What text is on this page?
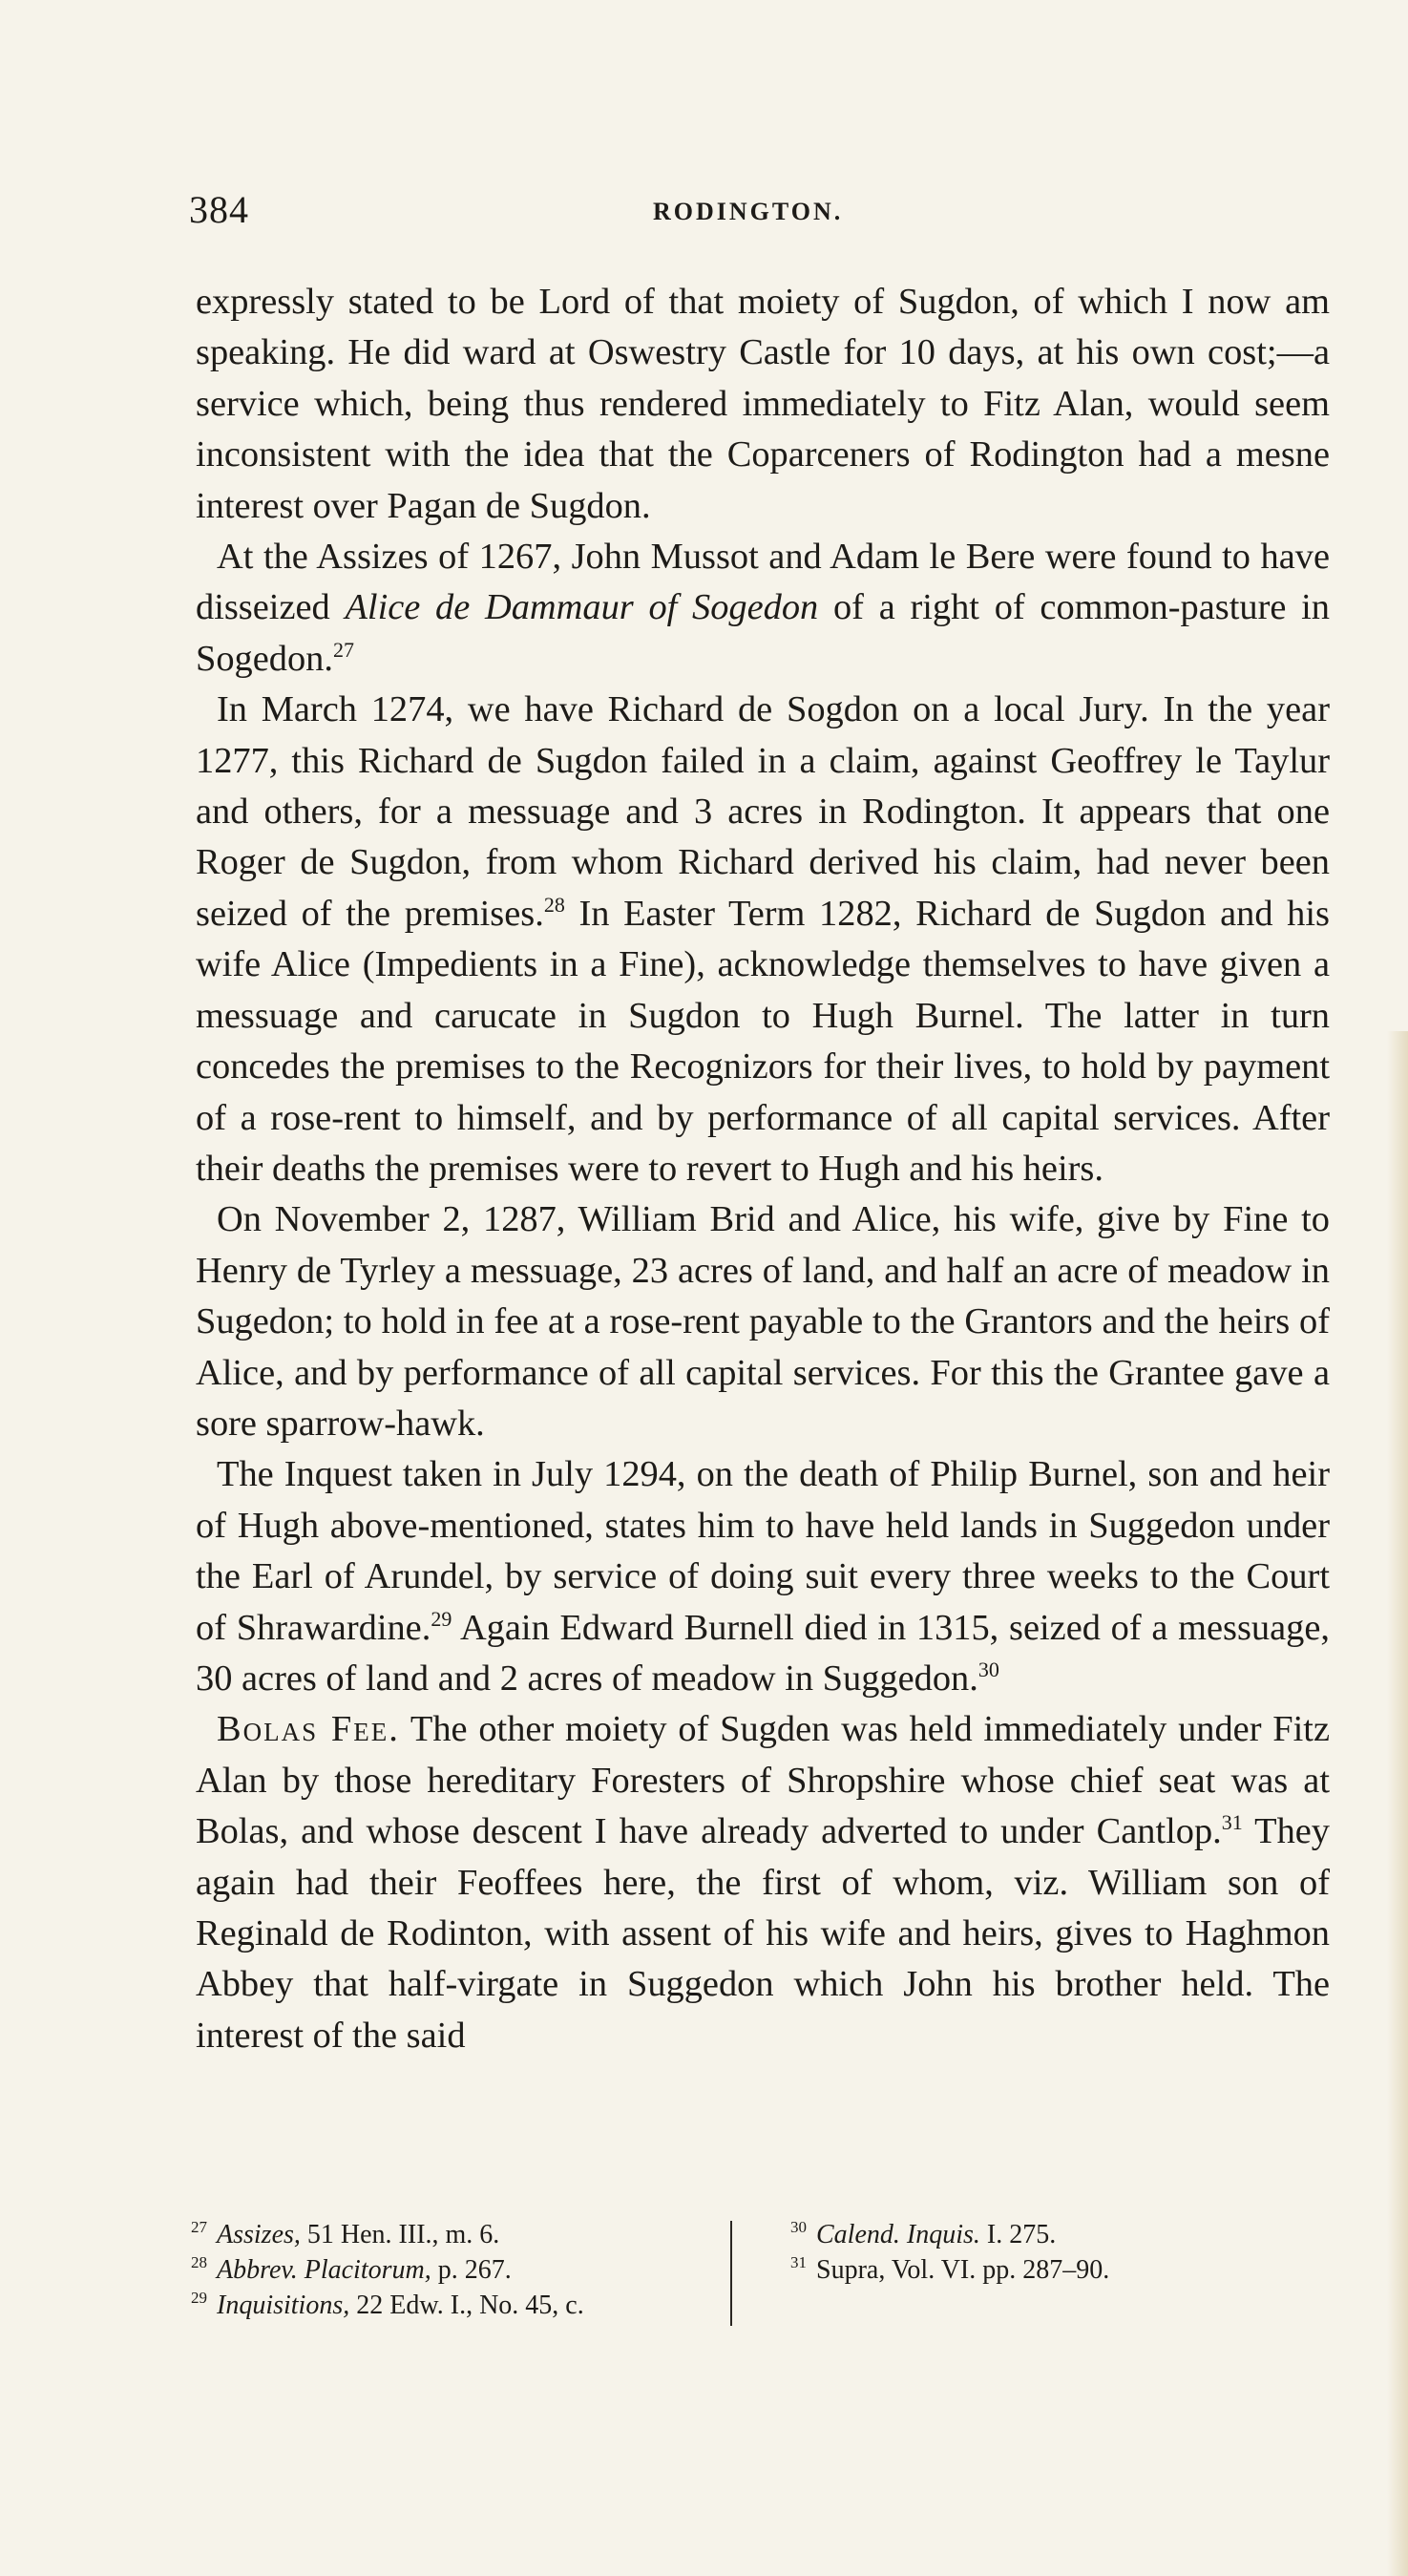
384	RODINGTON.

expressly stated to be Lord of that moiety of Sugdon, of which I now am speaking. He did ward at Oswestry Castle for 10 days, at his own cost;—a service which, being thus rendered immediately to Fitz Alan, would seem inconsistent with the idea that the Coparceners of Rodington had a mesne interest over Pagan de Sugdon.

At the Assizes of 1267, John Mussot and Adam le Bere were found to have disseized Alice de Dammaur of Sogedon of a right of common-pasture in Sogedon.$^{27}$

In March 1274, we have Richard de Sogdon on a local Jury. In the year 1277, this Richard de Sugdon failed in a claim, against Geoffrey le Taylur and others, for a messuage and 3 acres in Rodington. It appears that one Roger de Sugdon, from whom Richard derived his claim, had never been seized of the premises.$^{28}$ In Easter Term 1282, Richard de Sugdon and his wife Alice (Impedients in a Fine), acknowledge themselves to have given a messuage and carucate in Sugdon to Hugh Burnel. The latter in turn concedes the premises to the Recognizors for their lives, to hold by payment of a rose-rent to himself, and by performance of all capital services. After their deaths the premises were to revert to Hugh and his heirs.

On November 2, 1287, William Brid and Alice, his wife, give by Fine to Henry de Tyrley a messuage, 23 acres of land, and half an acre of meadow in Sugedon; to hold in fee at a rose-rent payable to the Grantors and the heirs of Alice, and by performance of all capital services. For this the Grantee gave a sore sparrow-hawk.

The Inquest taken in July 1294, on the death of Philip Burnel, son and heir of Hugh above-mentioned, states him to have held lands in Suggedon under the Earl of Arundel, by service of doing suit every three weeks to the Court of Shrawardine.$^{29}$ Again Edward Burnell died in 1315, seized of a messuage, 30 acres of land and 2 acres of meadow in Suggedon.$^{30}$

Bolas Fee. The other moiety of Sugden was held immediately under Fitz Alan by those hereditary Foresters of Shropshire whose chief seat was at Bolas, and whose descent I have already adverted to under Cantlop.$^{31}$ They again had their Feoffees here, the first of whom, viz. William son of Reginald de Rodinton, with assent of his wife and heirs, gives to Haghmon Abbey that half-virgate in Suggedon which John his brother held. The interest of the said

$^{27}$ Assizes, 51 Hen. III., m. 6.
$^{28}$ Abbrev. Placitorum, p. 267.
$^{29}$ Inquisitions, 22 Edw. I., No. 45, c.
$^{30}$ Calend. Inquis. I. 275.
$^{31}$ Supra, Vol. VI. pp. 287–90.
